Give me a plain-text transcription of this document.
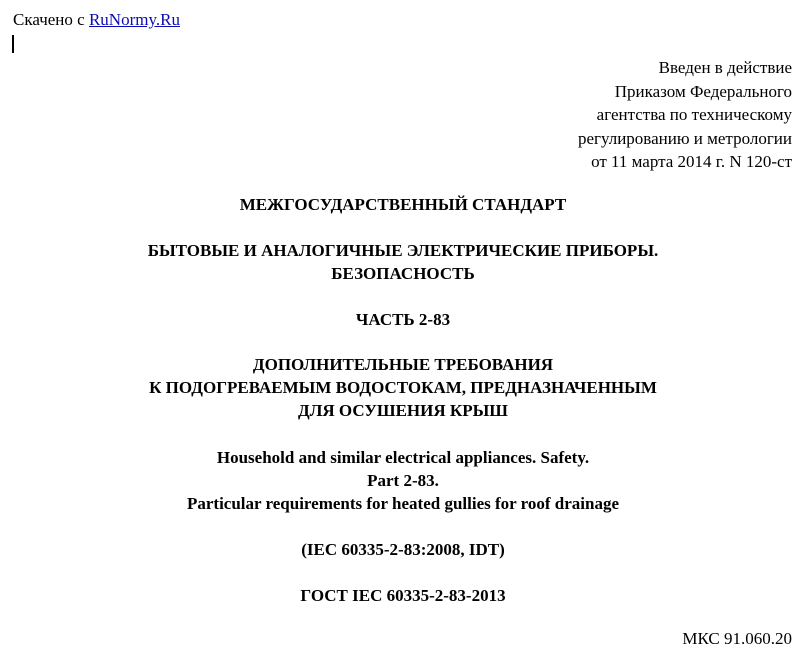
Скачено с RuNormy.Ru
Введен в действие
Приказом Федерального
агентства по техническому
регулированию и метрологии
от 11 марта 2014 г. N 120-ст
МЕЖГОСУДАРСТВЕННЫЙ СТАНДАРТ
БЫТОВЫЕ И АНАЛОГИЧНЫЕ ЭЛЕКТРИЧЕСКИЕ ПРИБОРЫ.
БЕЗОПАСНОСТЬ
ЧАСТЬ 2-83
ДОПОЛНИТЕЛЬНЫЕ ТРЕБОВАНИЯ
К ПОДОГРЕВАЕМЫМ ВОДОСТОКАМ, ПРЕДНАЗНАЧЕННЫМ
ДЛЯ ОСУШЕНИЯ КРЫШ
Household and similar electrical appliances. Safety.
Part 2-83.
Particular requirements for heated gullies for roof drainage
(IEC 60335-2-83:2008, IDT)
ГОСТ IEC 60335-2-83-2013
МКС 91.060.20
